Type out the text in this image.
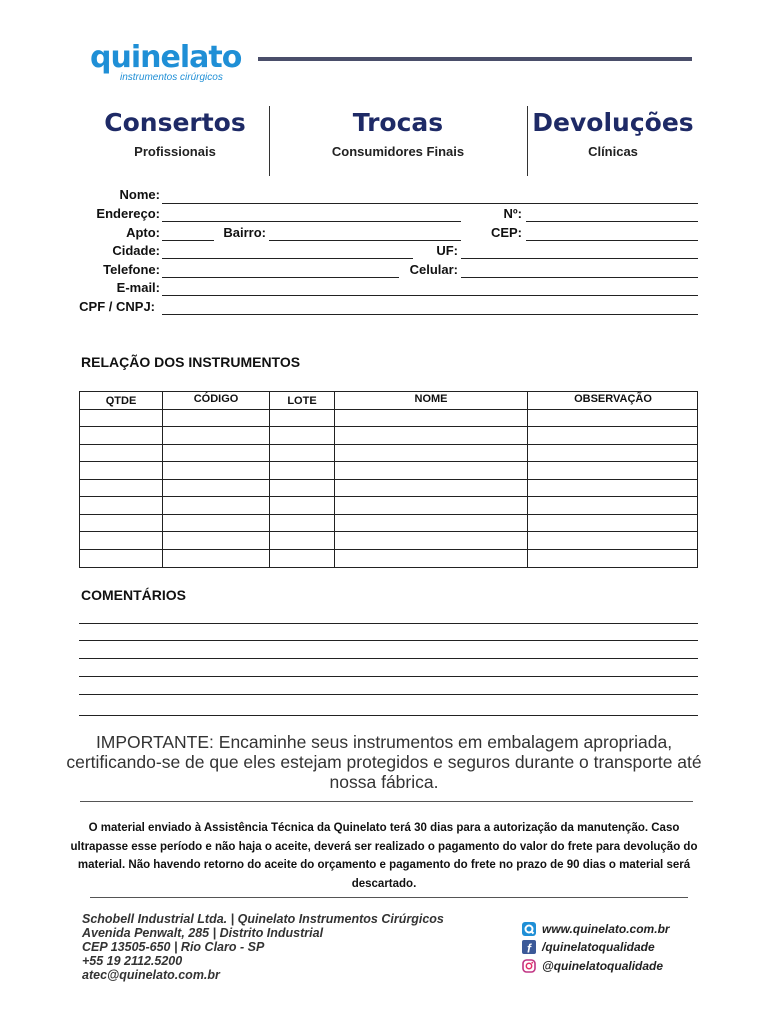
quinelato
instrumentos cirúrgicos
Consertos
Profissionais
Trocas
Consumidores Finais
Devoluções
Clínicas
Nome:
Endereço:	Nº:
Apto:	Bairro:	CEP:
Cidade:	UF:
Telefone:	Celular:
E-mail:
CPF / CNPJ:
RELAÇÃO DOS INSTRUMENTOS
QTDE	CÓDIGO	LOTE	NOME	OBSERVAÇÃO
COMENTÁRIOS
IMPORTANTE: Encaminhe seus instrumentos em embalagem apropriada, certificando-se de que eles estejam protegidos e seguros durante o transporte até nossa fábrica.
O material enviado à Assistência Técnica da Quinelato terá 30 dias para a autorização da manutenção. Caso ultrapasse esse período e não haja o aceite, deverá ser realizado o pagamento do valor do frete para devolução do material. Não havendo retorno do aceite do orçamento e pagamento do frete no prazo de 90 dias o material será descartado.
Schobell Industrial Ltda. | Quinelato Instrumentos Cirúrgicos
Avenida Penwalt, 285 | Distrito Industrial
CEP 13505-650 | Rio Claro - SP
+55 19 2112.5200
atec@quinelato.com.br
www.quinelato.com.br
f /quinelatoqualidade
@quinelatoqualidade
